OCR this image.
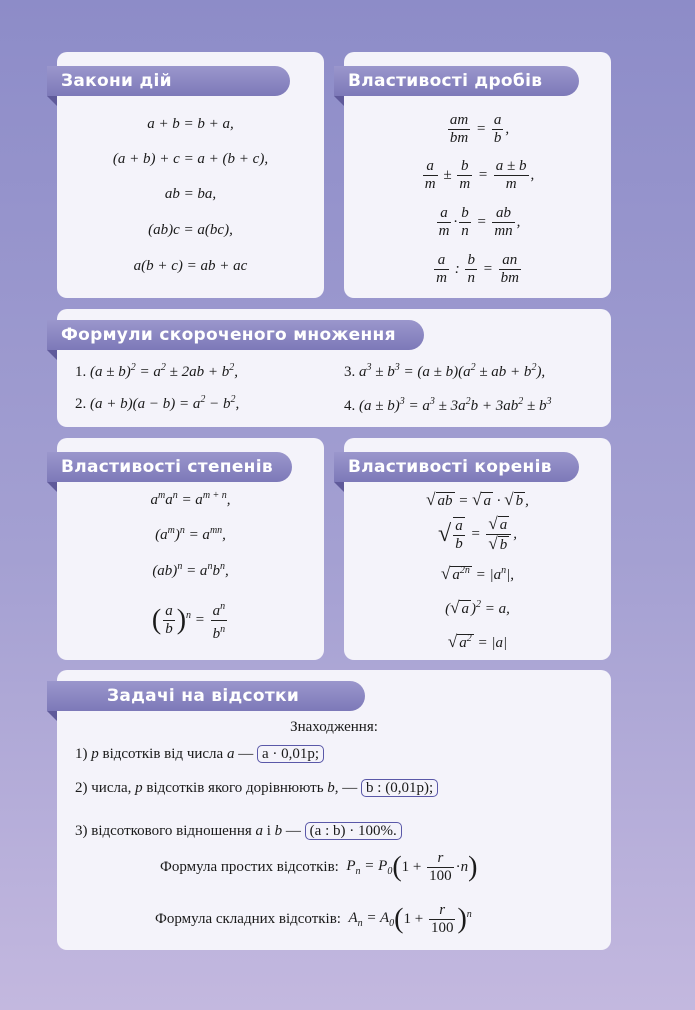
Закони дій
a + b = b + a,
(a + b) + c = a + (b + c),
ab = ba,
(ab)c = a(bc),
a(b + c) = ab + ac
Властивості дробів
$\frac{am}{bm} = \frac{a}{b}$ ,
$\frac{a}{m} \pm \frac{b}{m} = \frac{a \pm b}{m}$ ,
$\frac{a}{m} \cdot \frac{b}{n} = \frac{ab}{mn}$ ,
$\frac{a}{m}$ : $\frac{b}{n} = \frac{an}{bm}$
Формули скороченого множення
1. $(a \pm b)^2 = a^2 \pm 2ab + b^2$,
2. $(a + b)(a - b) = a^2 - b^2$,
3. $a^3 \pm b^3 = (a \pm b)(a^2$ ± ab + $b^2$),
4. $(a \pm b)^3 = a^3 \pm 3a^2b + 3ab^2 \pm b^3$
Властивості степенів
$a^ma^n = a^{m + n}$,
$(a^m)^n = a^{mn}$,
$(ab)^n = a^nb^n$,
( $\frac{a}{b} )^n = \frac{a^n}{b^n}$
Властивості коренів
√ ab = √ a · √ b ,
√ $\frac{a}{b} = \frac{√ a}{√ b}$ ,
√ $a^{2n} = |a^n|$,
(√ a )$^2$ = a,
√ $a^2 = |a|$
Задачі на відсотки
Знаходження:
1) p відсотків від числа a — a · 0,01p;
2) числа, p відсотків якого дорівнюють b, — b : (0,01p);
3) відсоткового відношення a і b — (a : b) · 100%.
Формула простих відсотків:  $P_n = P_0(1 + \frac{r}{100} \cdot n)$
Формула складних відсотків:  $A_n = A_0(1 + \frac{r}{100} )^n$
